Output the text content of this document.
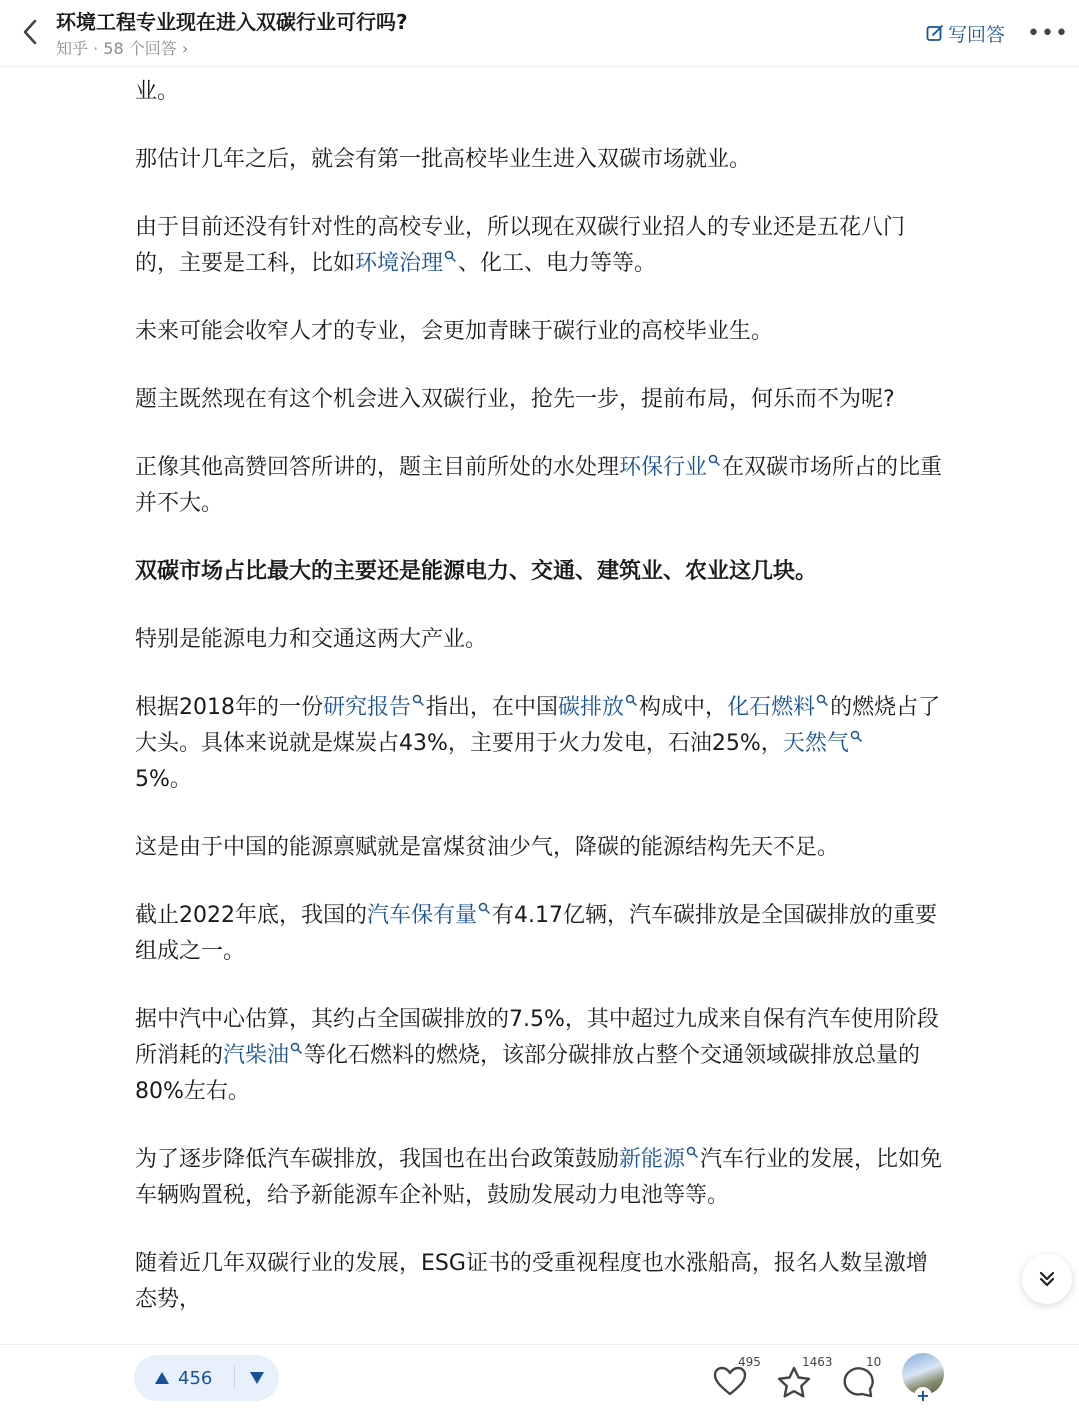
环境工程专业现在进入双碳行业可行吗?
知乎 · 58 个回答 ›
写回答 •••

业。

那估计几年之后，就会有第一批高校毕业生进入双碳市场就业。

由于目前还没有针对性的高校专业，所以现在双碳行业招人的专业还是五花八门的，主要是工科，比如环境治理 、化工、电力等等。

未来可能会收窄人才的专业，会更加青睐于碳行业的高校毕业生。

题主既然现在有这个机会进入双碳行业，抢先一步，提前布局，何乐而不为呢?

正像其他高赞回答所讲的，题主目前所处的水处理环保行业 在双碳市场所占的比重并不大。

双碳市场占比最大的主要还是能源电力、交通、建筑业、农业这几块。

特别是能源电力和交通这两大产业。

根据2018年的一份研究报告 指出，在中国碳排放 构成中，化石燃料 的燃烧占了大头。具体来说就是煤炭占43%，主要用于火力发电，石油25%，天然气
5%。

这是由于中国的能源禀赋就是富煤贫油少气，降碳的能源结构先天不足。

截止2022年底，我国的汽车保有量 有4.17亿辆，汽车碳排放是全国碳排放的重要组成之一。

据中汽中心估算，其约占全国碳排放的7.5%，其中超过九成来自保有汽车使用阶段所消耗的汽柴油 等化石燃料的燃烧，该部分碳排放占整个交通领域碳排放总量的80%左右。

为了逐步降低汽车碳排放，我国也在出台政策鼓励新能源 汽车行业的发展，比如免车辆购置税，给予新能源车企补贴，鼓励发展动力电池等等。

随着近几年双碳行业的发展，ESG证书的受重视程度也水涨船高，报名人数呈激增态势，

456
495	1463	10
+
